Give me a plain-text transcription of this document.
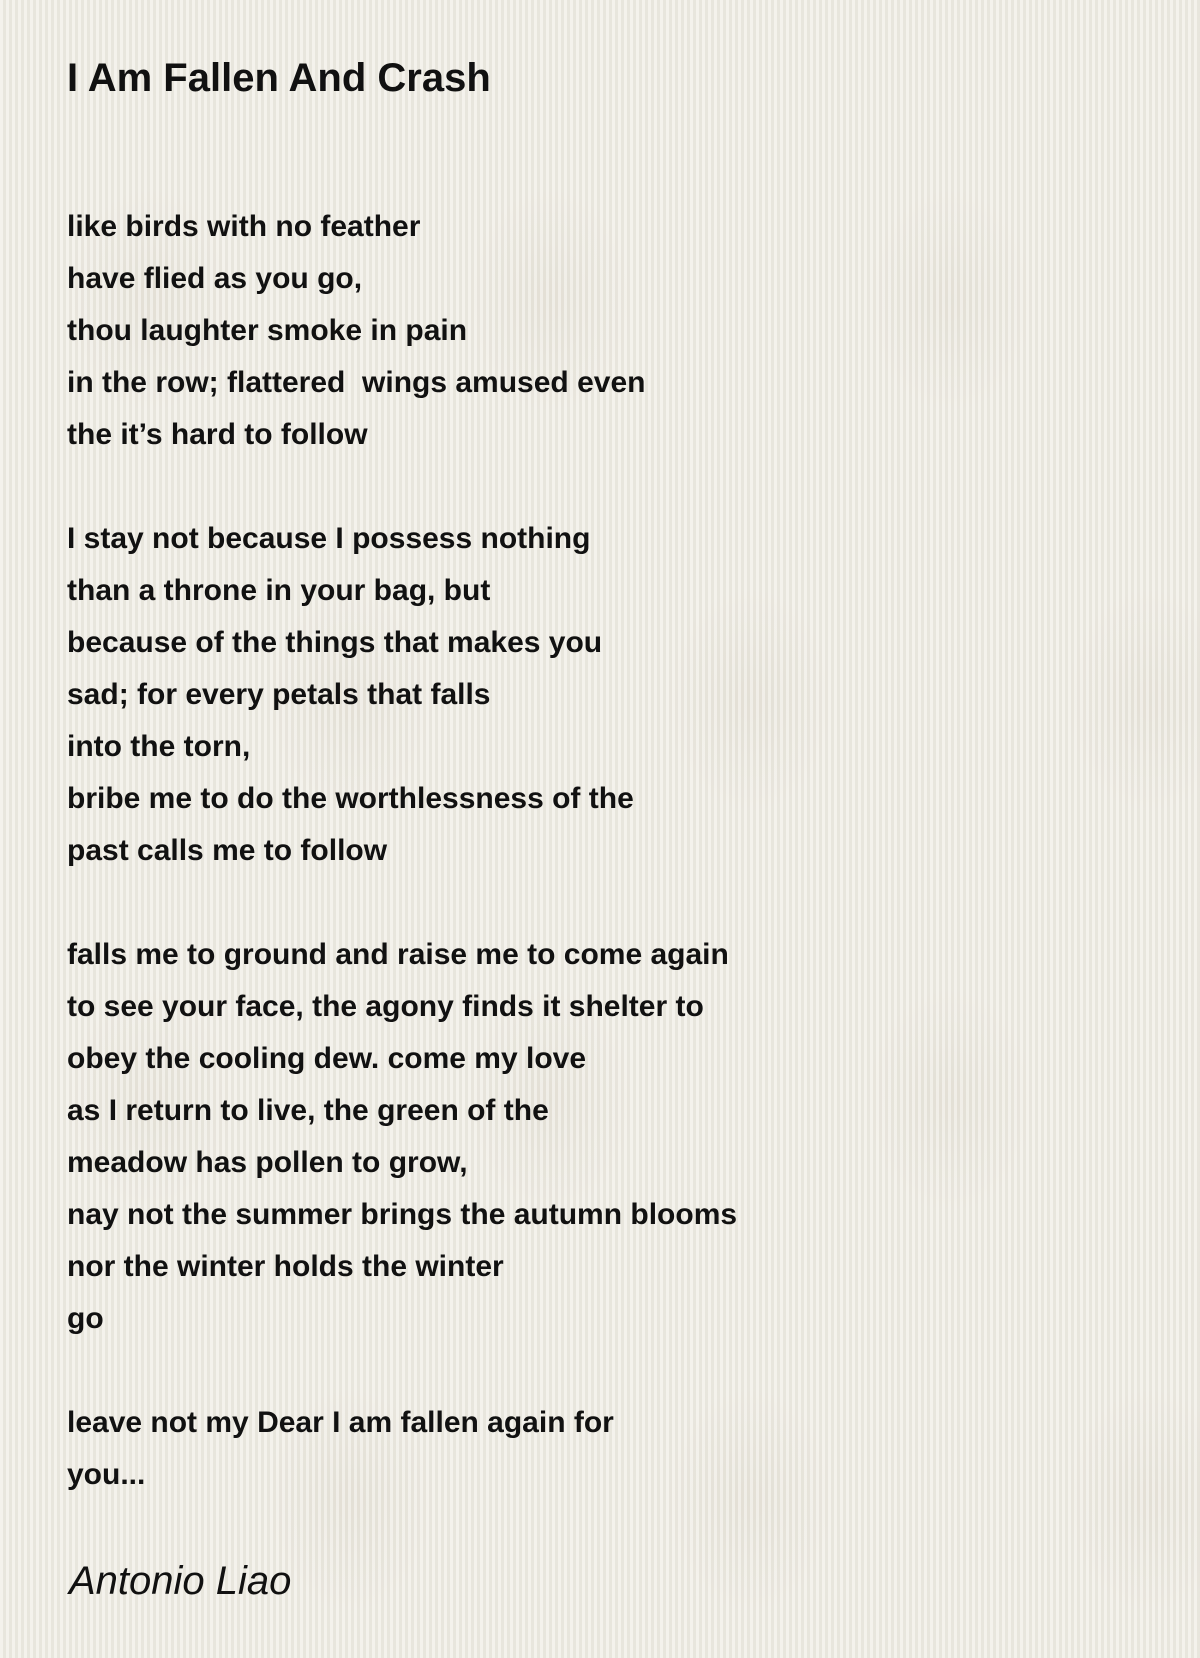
I Am Fallen And Crash
like birds with no feather
have flied as you go,
thou laughter smoke in pain
in the row; flattered  wings amused even
the it’s hard to follow
I stay not because I possess nothing
than a throne in your bag, but
because of the things that makes you
sad; for every petals that falls
into the torn,
bribe me to do the worthlessness of the
past calls me to follow
falls me to ground and raise me to come again
to see your face, the agony finds it shelter to
obey the cooling dew. come my love
as I return to live, the green of the
meadow has pollen to grow,
nay not the summer brings the autumn blooms
nor the winter holds the winter
go
leave not my Dear I am fallen again for
you...

Antonio Liao
